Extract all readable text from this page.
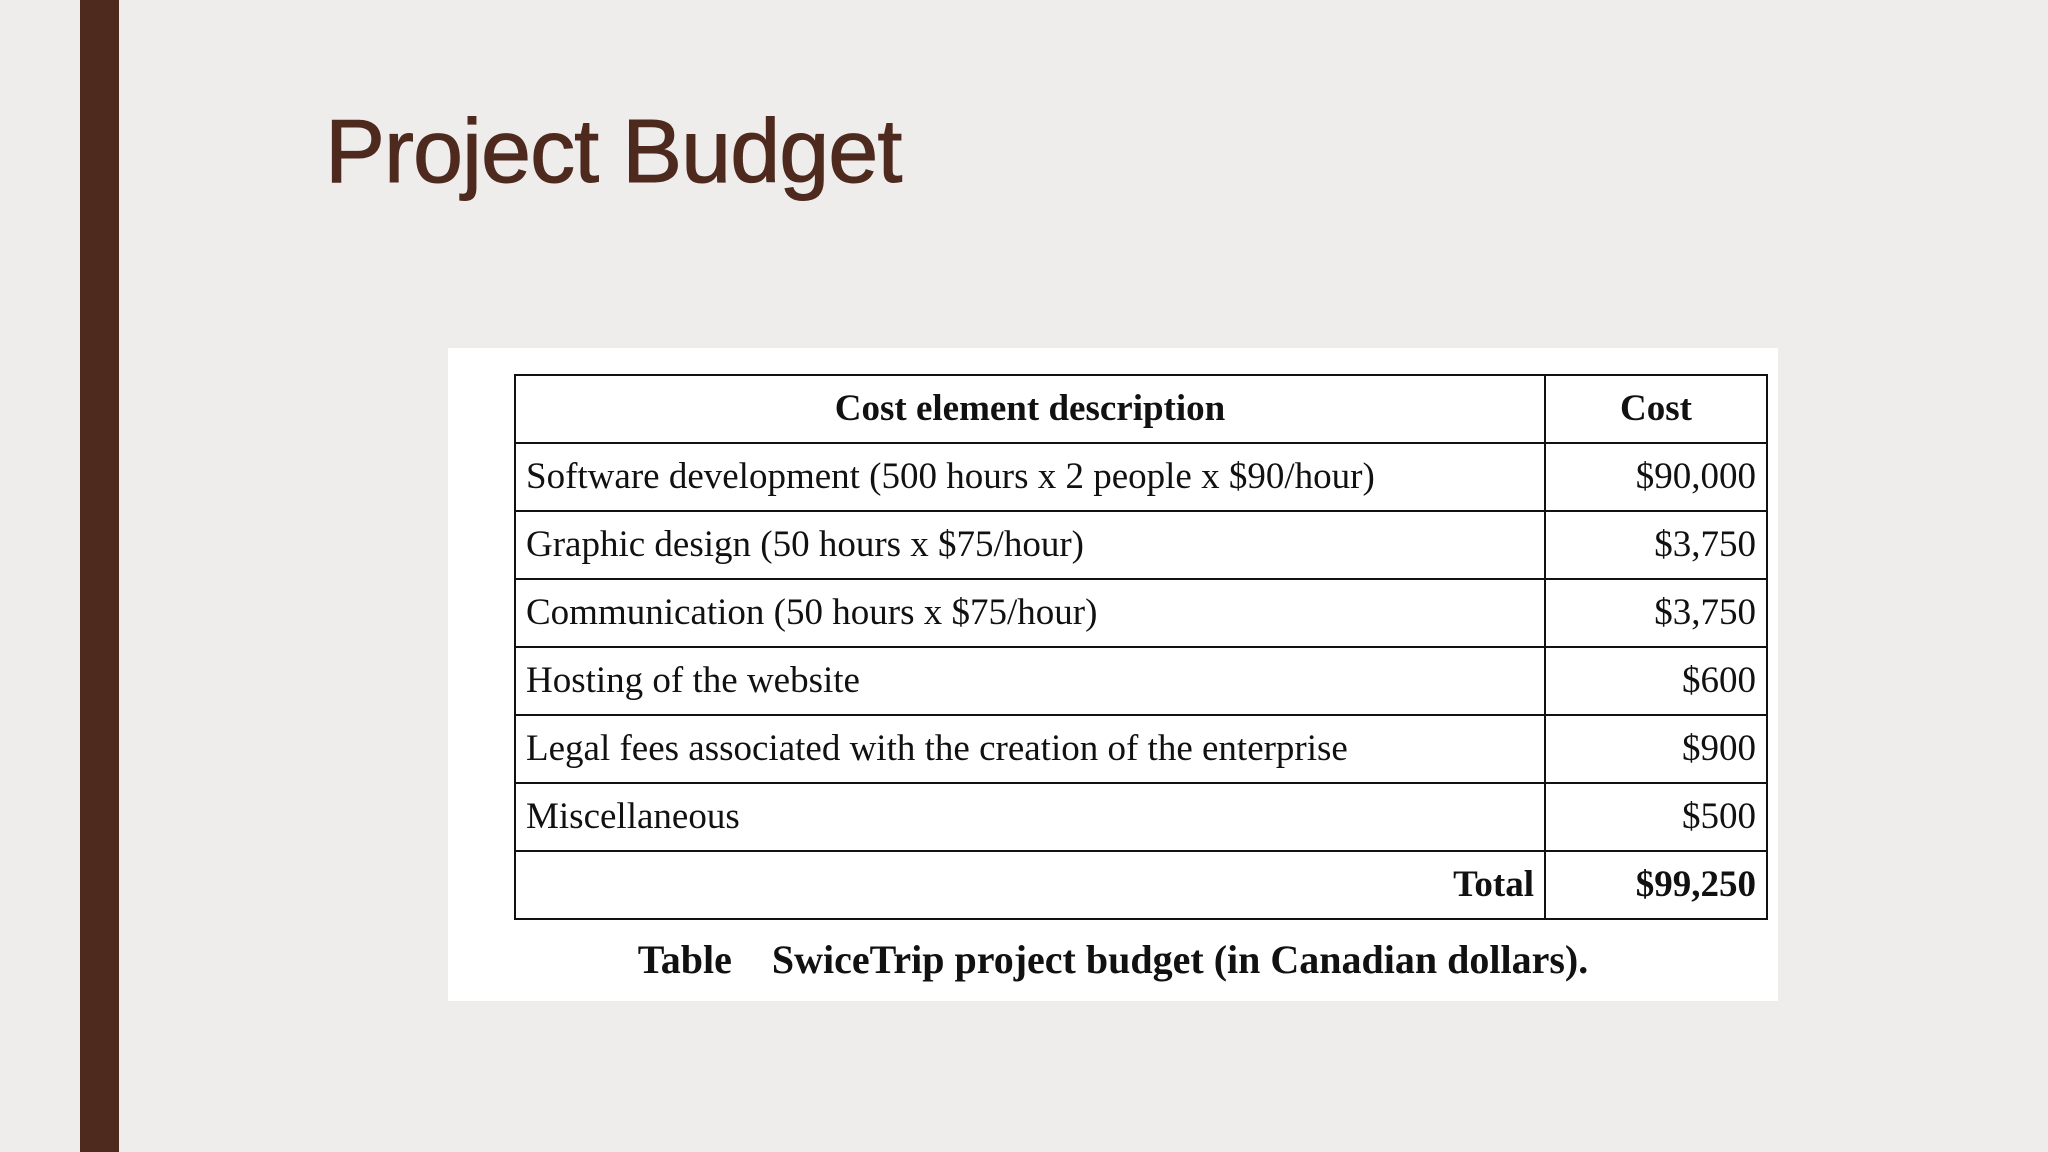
Project Budget
Cost element description	Cost
Software development (500 hours x 2 people x $90/hour)	$90,000
Graphic design (50 hours x $75/hour)	$3,750
Communication (50 hours x $75/hour)	$3,750
Hosting of the website	$600
Legal fees associated with the creation of the enterprise	$900
Miscellaneous	$500
Total	$99,250
Table SwiceTrip project budget (in Canadian dollars).
